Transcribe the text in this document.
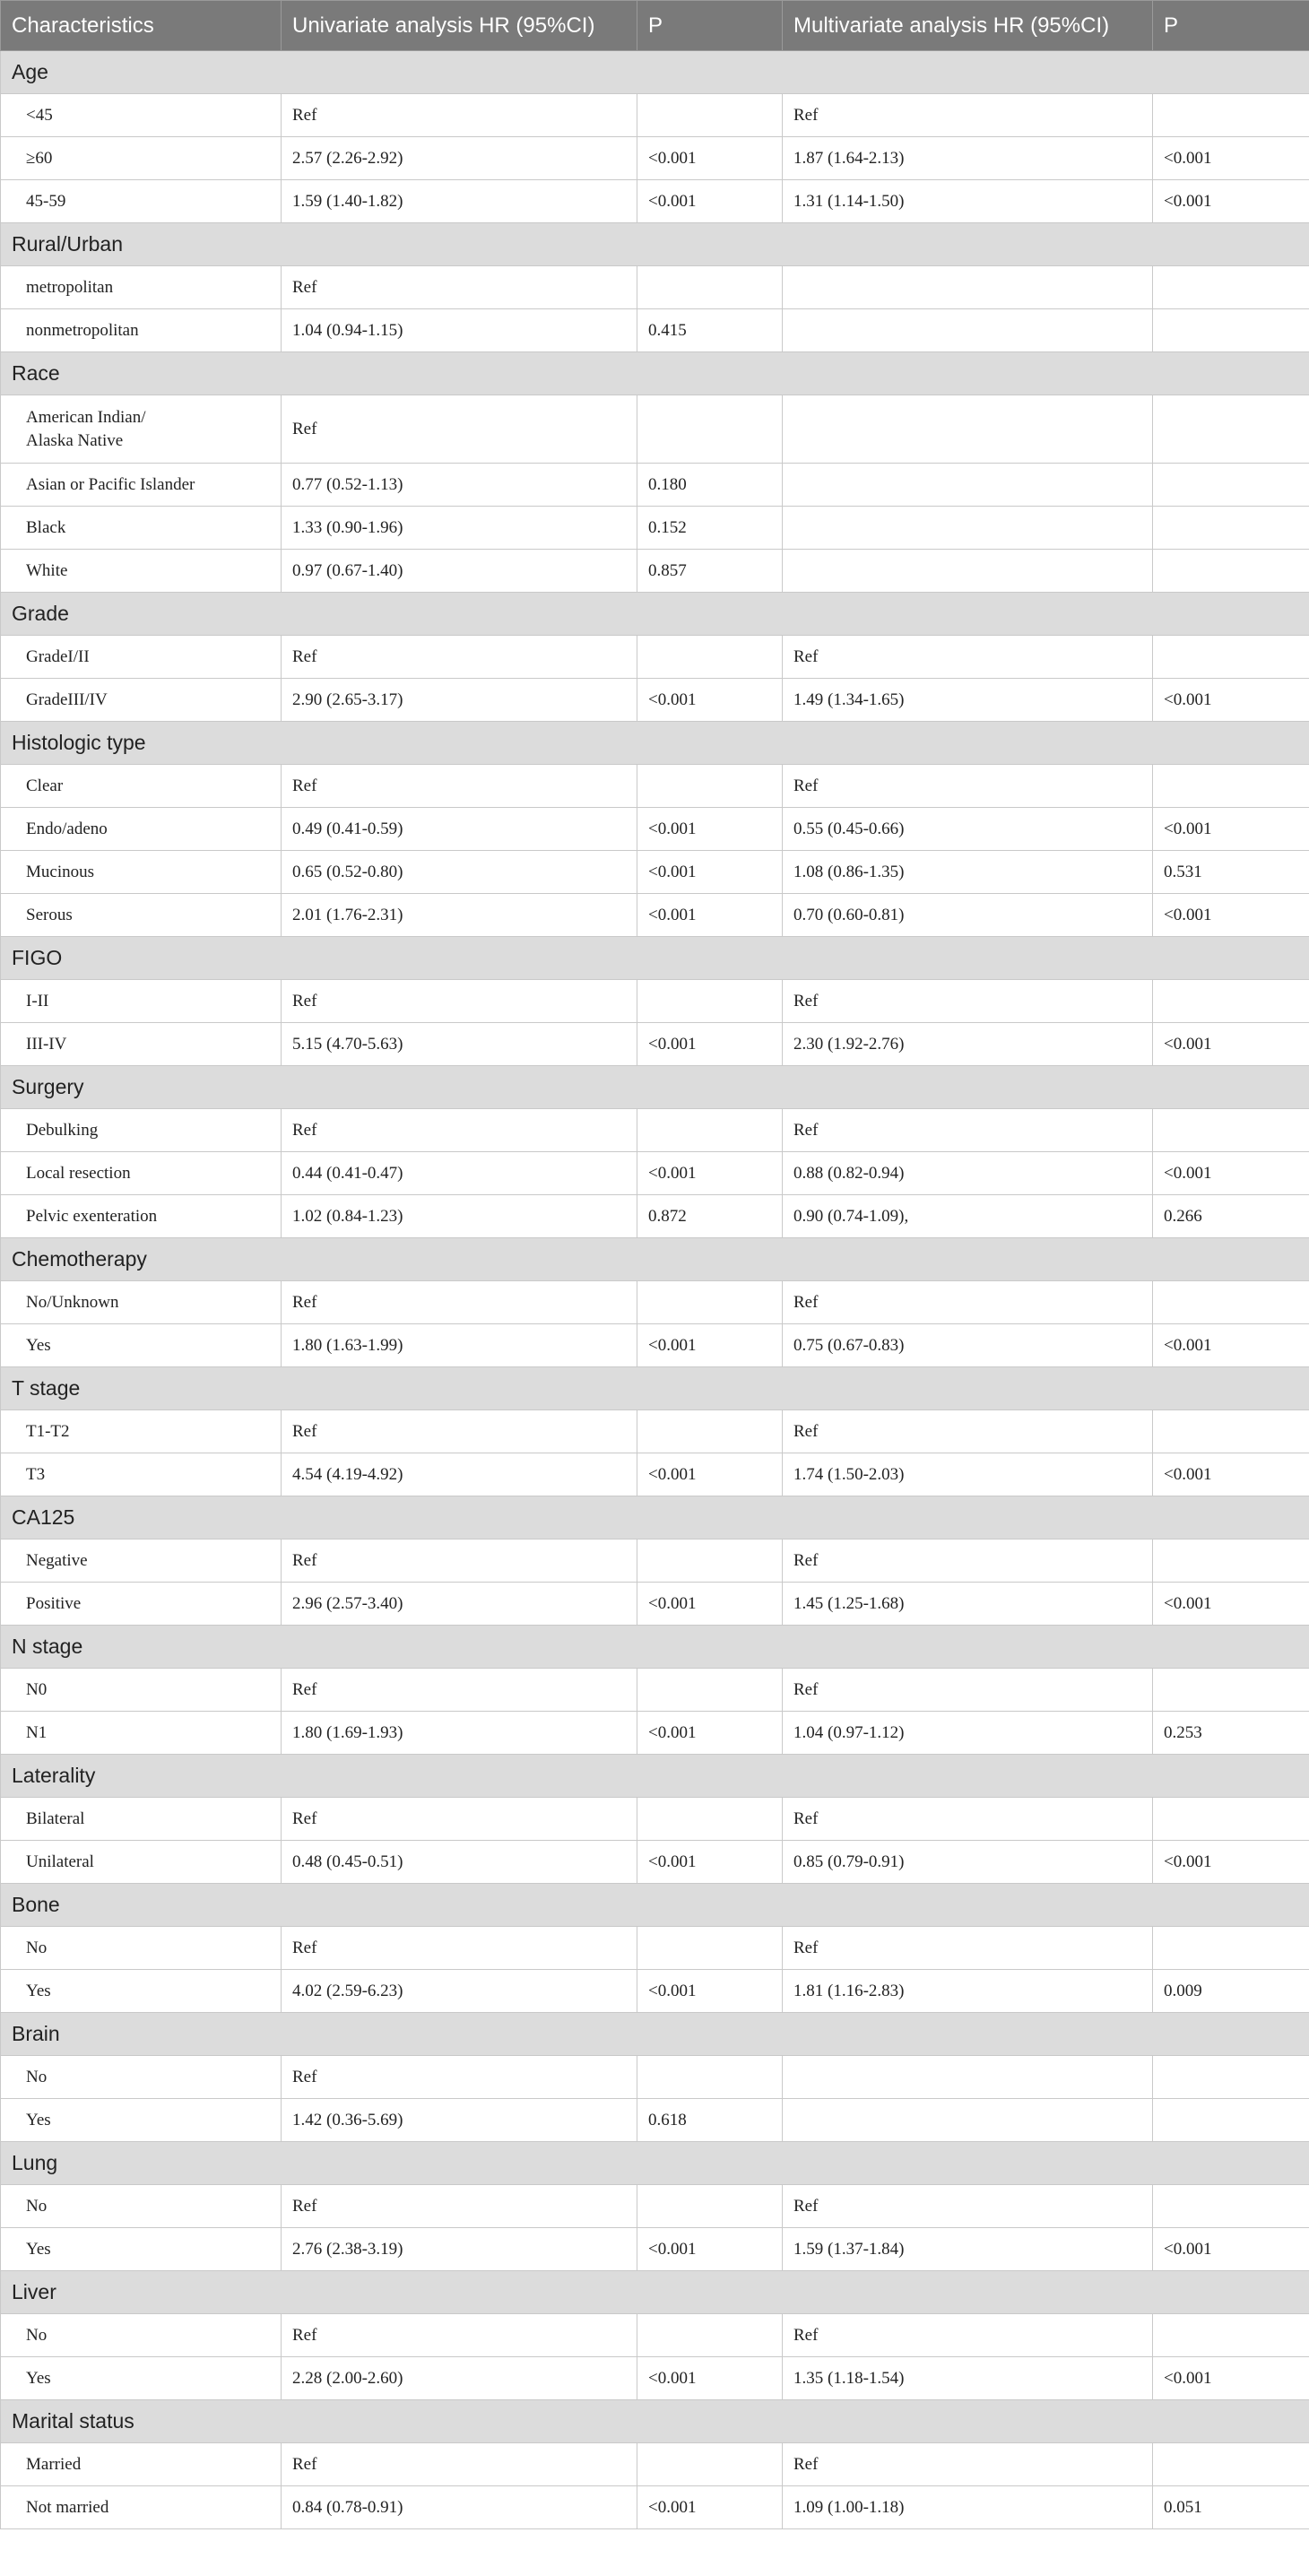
Characteristics	Univariate analysis HR (95%CI)	P	Multivariate analysis HR (95%CI)	P
Age				
<45	Ref		Ref	
≥60	2.57 (2.26-2.92)	<0.001	1.87 (1.64-2.13)	<0.001
45-59	1.59 (1.40-1.82)	<0.001	1.31 (1.14-1.50)	<0.001
Rural/Urban				
metropolitan	Ref			
nonmetropolitan	1.04 (0.94-1.15)	0.415		
Race				

American Indian/
Alaska Native	Ref			
Asian or Pacific Islander	0.77 (0.52-1.13)	0.180		
Black	1.33 (0.90-1.96)	0.152		
White	0.97 (0.67-1.40)	0.857		
Grade				
GradeI/II	Ref		Ref	
GradeIII/IV	2.90 (2.65-3.17)	<0.001	1.49 (1.34-1.65)	<0.001
Histologic type				
Clear	Ref		Ref	
Endo/adeno	0.49 (0.41-0.59)	<0.001	0.55 (0.45-0.66)	<0.001
Mucinous	0.65 (0.52-0.80)	<0.001	1.08 (0.86-1.35)	0.531
Serous	2.01 (1.76-2.31)	<0.001	0.70 (0.60-0.81)	<0.001
FIGO				
I-II	Ref		Ref	
III-IV	5.15 (4.70-5.63)	<0.001	2.30 (1.92-2.76)	<0.001
Surgery				
Debulking	Ref		Ref	
Local resection	0.44 (0.41-0.47)	<0.001	0.88 (0.82-0.94)	<0.001
Pelvic exenteration	1.02 (0.84-1.23)	0.872	0.90 (0.74-1.09),	0.266
Chemotherapy				
No/Unknown	Ref		Ref	
Yes	1.80 (1.63-1.99)	<0.001	0.75 (0.67-0.83)	<0.001
T stage				
T1-T2	Ref		Ref	
T3	4.54 (4.19-4.92)	<0.001	1.74 (1.50-2.03)	<0.001
CA125				
Negative	Ref		Ref	
Positive	2.96 (2.57-3.40)	<0.001	1.45 (1.25-1.68)	<0.001
N stage				
N0	Ref		Ref	
N1	1.80 (1.69-1.93)	<0.001	1.04 (0.97-1.12)	0.253
Laterality				
Bilateral	Ref		Ref	
Unilateral	0.48 (0.45-0.51)	<0.001	0.85 (0.79-0.91)	<0.001
Bone				
No	Ref		Ref	
Yes	4.02 (2.59-6.23)	<0.001	1.81 (1.16-2.83)	0.009
Brain				
No	Ref			
Yes	1.42 (0.36-5.69)	0.618		
Lung				
No	Ref		Ref	
Yes	2.76 (2.38-3.19)	<0.001	1.59 (1.37-1.84)	<0.001
Liver				
No	Ref		Ref	
Yes	2.28 (2.00-2.60)	<0.001	1.35 (1.18-1.54)	<0.001
Marital status				
Married	Ref		Ref	
Not married	0.84 (0.78-0.91)	<0.001	1.09 (1.00-1.18)	0.051
